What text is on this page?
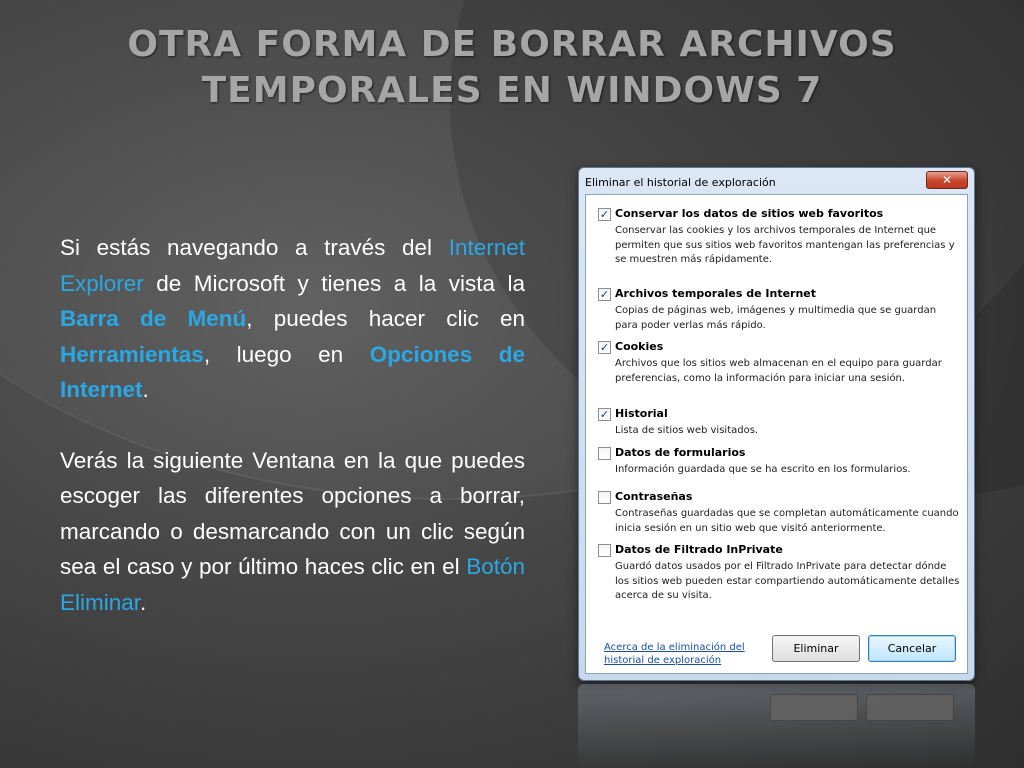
OTRA FORMA DE BORRAR ARCHIVOS
TEMPORALES EN WINDOWS 7

Si estás navegando a través del Internet Explorer de Microsoft y tienes a la vista la Barra de Menú, puedes hacer clic en Herramientas, luego en Opciones de Internet.

Verás la siguiente Ventana en la que puedes escoger las diferentes opciones a borrar, marcando o desmarcando con un clic según sea el caso y por último haces clic en el Botón Eliminar.

Eliminar el historial de exploración	✕
✓ Conservar los datos de sitios web favoritos
Conservar las cookies y los archivos temporales de Internet que permiten que sus sitios web favoritos mantengan las preferencias y se muestren más rápidamente.
✓ Archivos temporales de Internet
Copias de páginas web, imágenes y multimedia que se guardan para poder verlas más rápido.
✓ Cookies
Archivos que los sitios web almacenan en el equipo para guardar preferencias, como la información para iniciar una sesión.
✓ Historial
Lista de sitios web visitados.
Datos de formularios
Información guardada que se ha escrito en los formularios.
Contraseñas
Contraseñas guardadas que se completan automáticamente cuando inicia sesión en un sitio web que visitó anteriormente.
Datos de Filtrado InPrivate
Guardó datos usados por el Filtrado InPrivate para detectar dónde los sitios web pueden estar compartiendo automáticamente detalles acerca de su visita.
Acerca de la eliminación del historial de exploración
Eliminar	Cancelar
